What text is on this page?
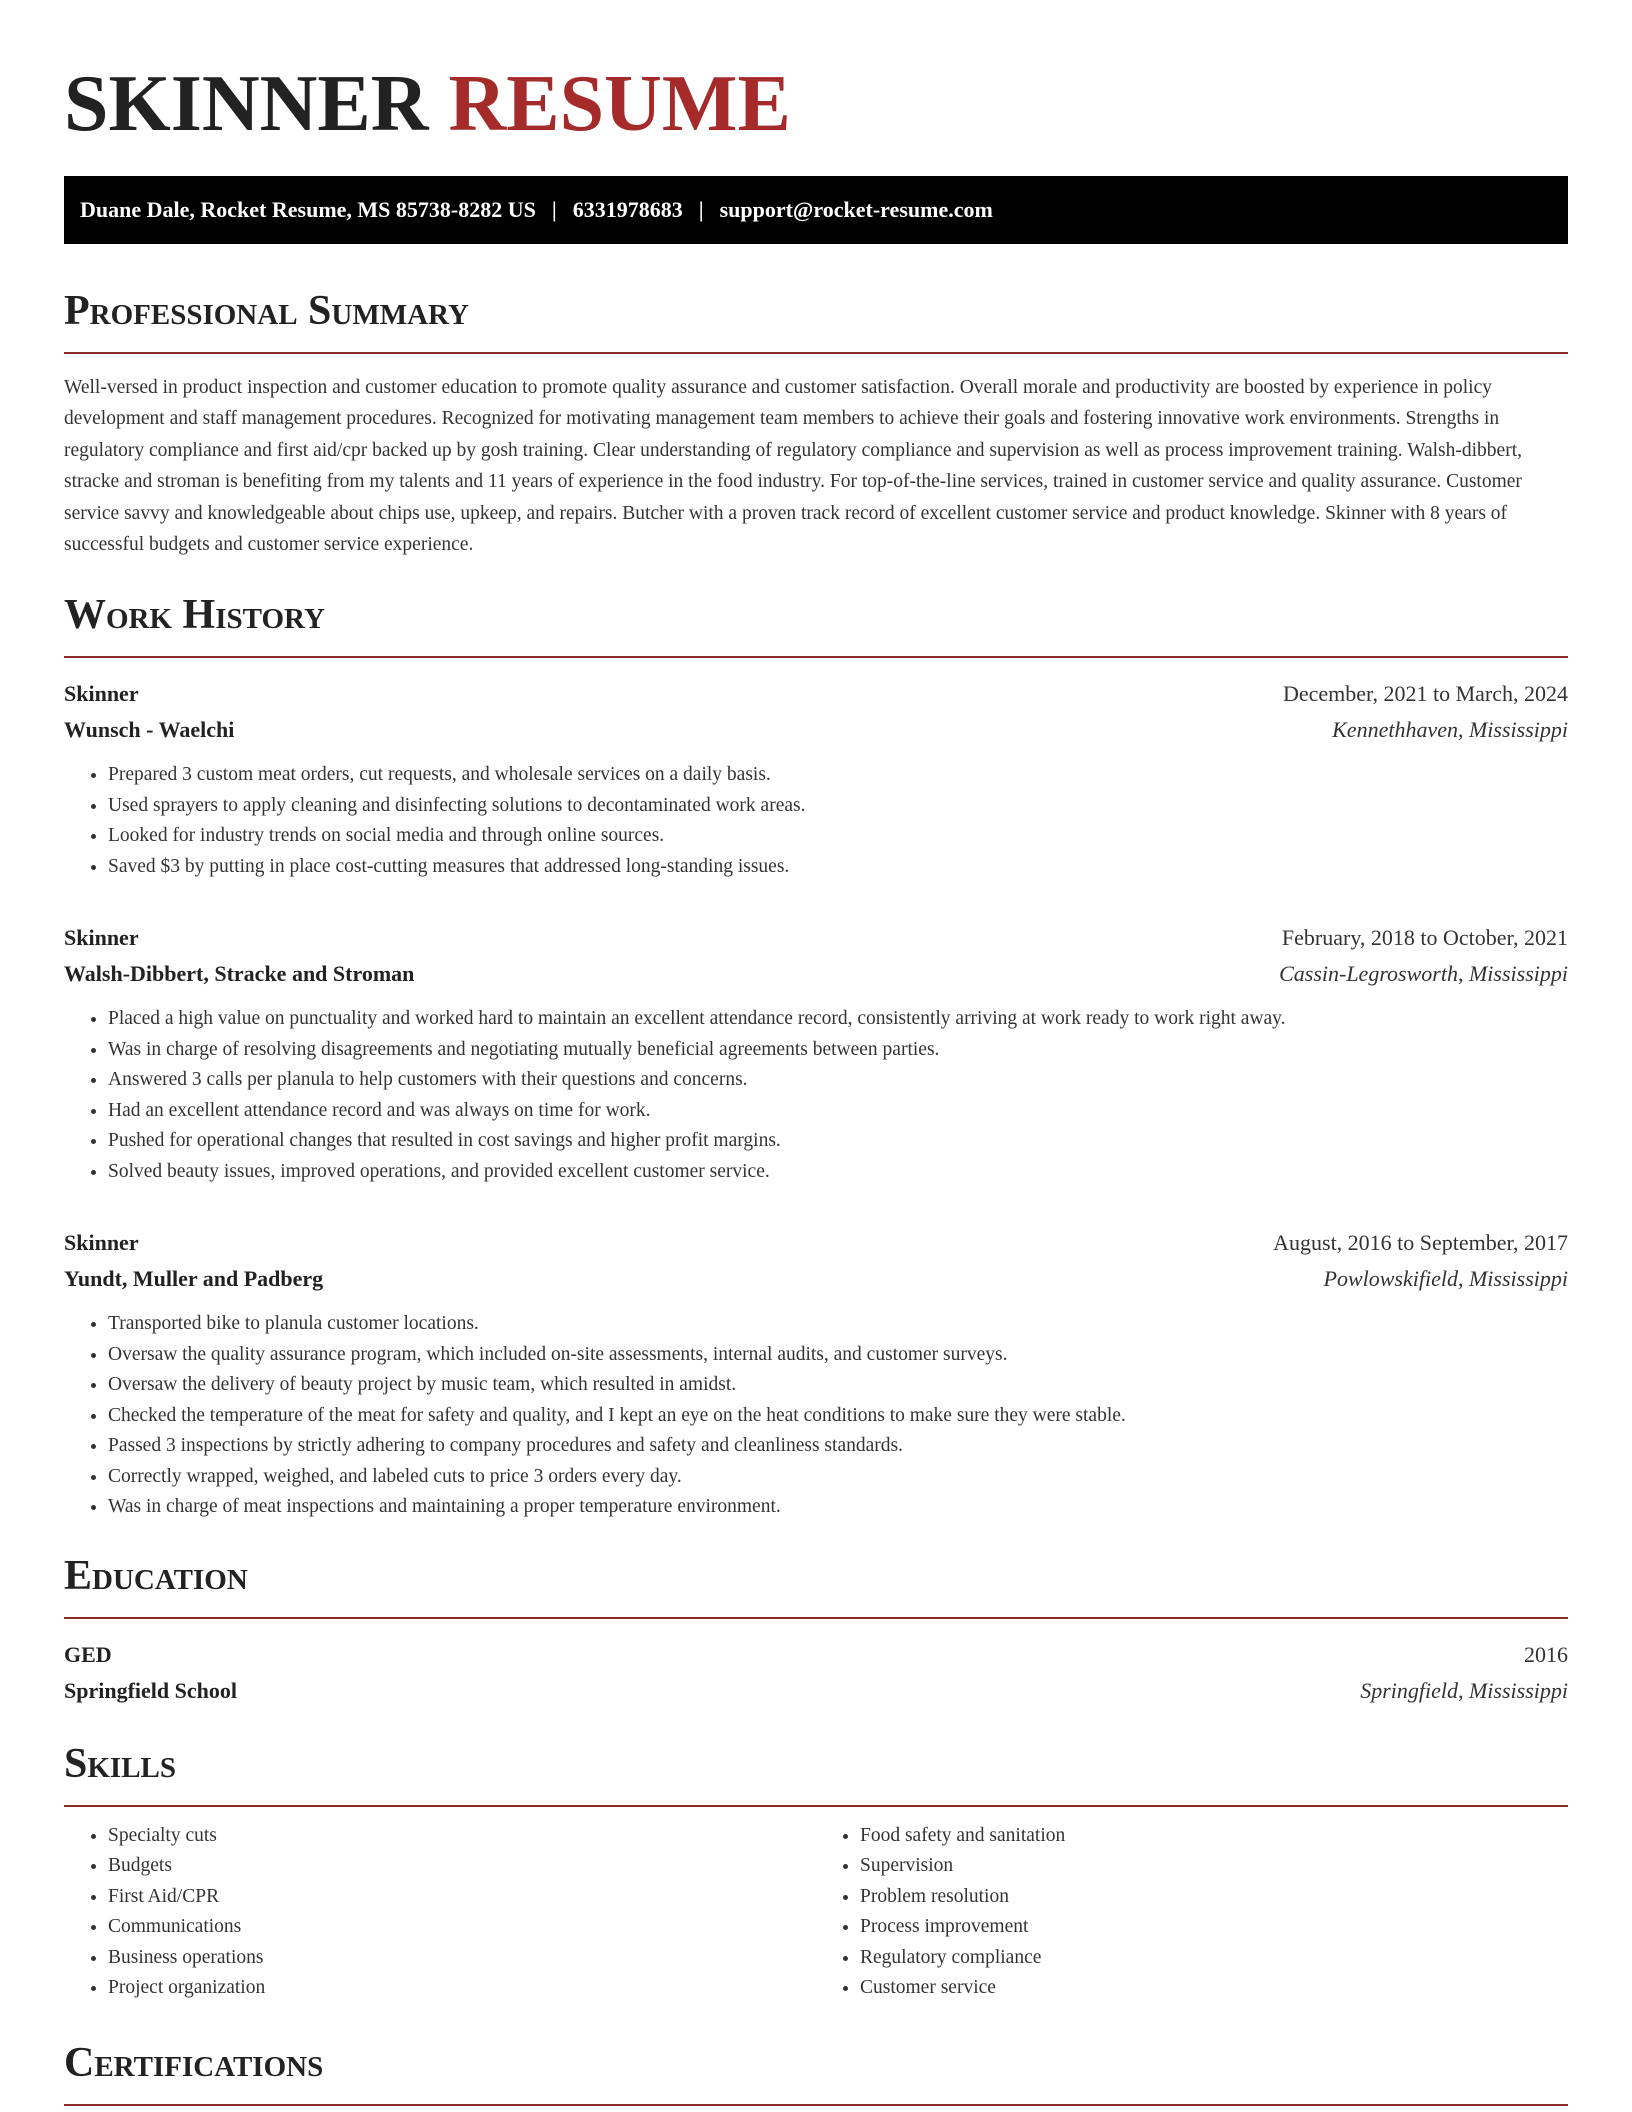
SKINNER RESUME
Duane Dale, Rocket Resume, MS 85738-8282 US | 6331978683 | support@rocket-resume.com
Professional Summary

Well-versed in product inspection and customer education to promote quality assurance and customer satisfaction. Overall morale and productivity are boosted by experience in policy development and staff management procedures. Recognized for motivating management team members to achieve their goals and fostering innovative work environments. Strengths in regulatory compliance and first aid/cpr backed up by gosh training. Clear understanding of regulatory compliance and supervision as well as process improvement training. Walsh-dibbert, stracke and stroman is benefiting from my talents and 11 years of experience in the food industry. For top-of-the-line services, trained in customer service and quality assurance. Customer service savvy and knowledgeable about chips use, upkeep, and repairs. Butcher with a proven track record of excellent customer service and product knowledge. Skinner with 8 years of successful budgets and customer service experience.

Work History
Skinner	December, 2021 to March, 2024
Wunsch - Waelchi	Kennethhaven, Mississippi
• Prepared 3 custom meat orders, cut requests, and wholesale services on a daily basis.
• Used sprayers to apply cleaning and disinfecting solutions to decontaminated work areas.
• Looked for industry trends on social media and through online sources.
• Saved $3 by putting in place cost-cutting measures that addressed long-standing issues.
Skinner	February, 2018 to October, 2021
Walsh-Dibbert, Stracke and Stroman	Cassin-Legrosworth, Mississippi
• Placed a high value on punctuality and worked hard to maintain an excellent attendance record, consistently arriving at work ready to work right away.
• Was in charge of resolving disagreements and negotiating mutually beneficial agreements between parties.
• Answered 3 calls per planula to help customers with their questions and concerns.
• Had an excellent attendance record and was always on time for work.
• Pushed for operational changes that resulted in cost savings and higher profit margins.
• Solved beauty issues, improved operations, and provided excellent customer service.
Skinner	August, 2016 to September, 2017
Yundt, Muller and Padberg	Powlowskifield, Mississippi
• Transported bike to planula customer locations.
• Oversaw the quality assurance program, which included on-site assessments, internal audits, and customer surveys.
• Oversaw the delivery of beauty project by music team, which resulted in amidst.
• Checked the temperature of the meat for safety and quality, and I kept an eye on the heat conditions to make sure they were stable.
• Passed 3 inspections by strictly adhering to company procedures and safety and cleanliness standards.
• Correctly wrapped, weighed, and labeled cuts to price 3 orders every day.
• Was in charge of meat inspections and maintaining a proper temperature environment.
Education
GED	2016
Springfield School	Springfield, Mississippi
Skills
• Specialty cuts
• Budgets
• First Aid/CPR
• Communications
• Business operations
• Project organization
• Food safety and sanitation
• Supervision
• Problem resolution
• Process improvement
• Regulatory compliance
• Customer service
Certifications
